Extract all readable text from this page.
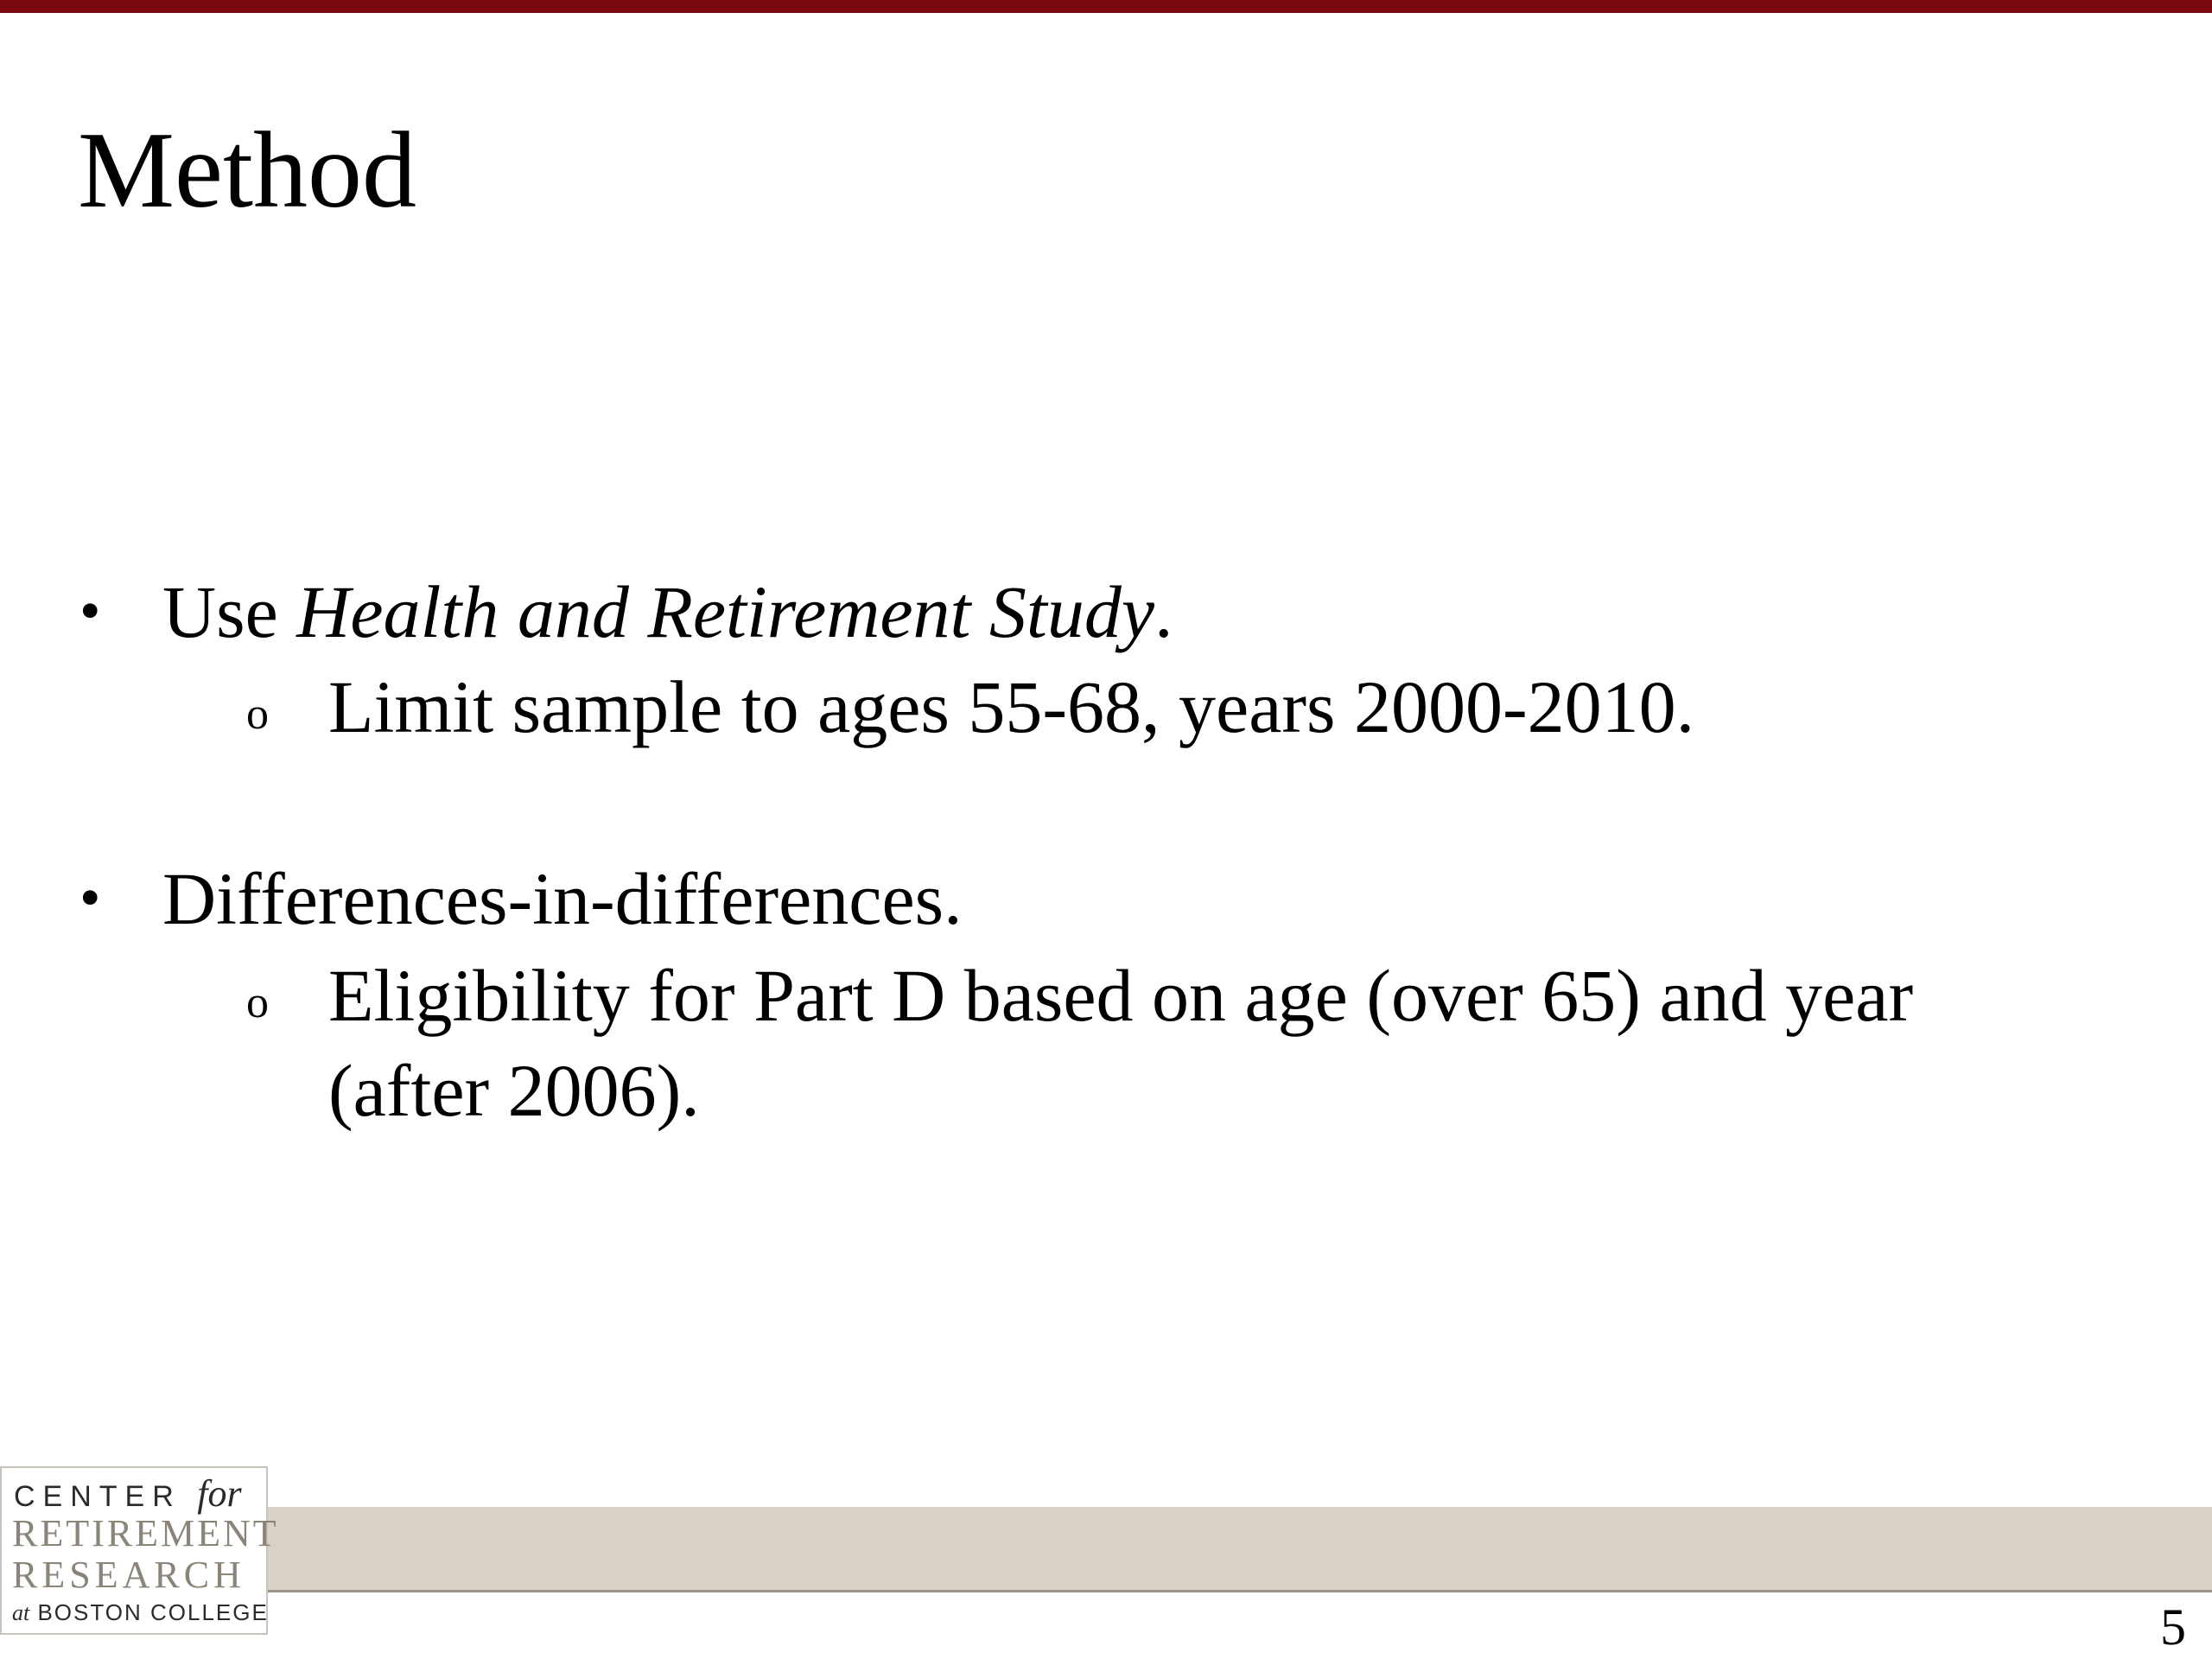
Method
• Use Health and Retirement Study.
o Limit sample to ages 55-68, years 2000-2010.
• Differences-in-differences.
o Eligibility for Part D based on age (over 65) and year
(after 2006).
CENTER for
RETIREMENT
RESEARCH
at BOSTON COLLEGE	5
